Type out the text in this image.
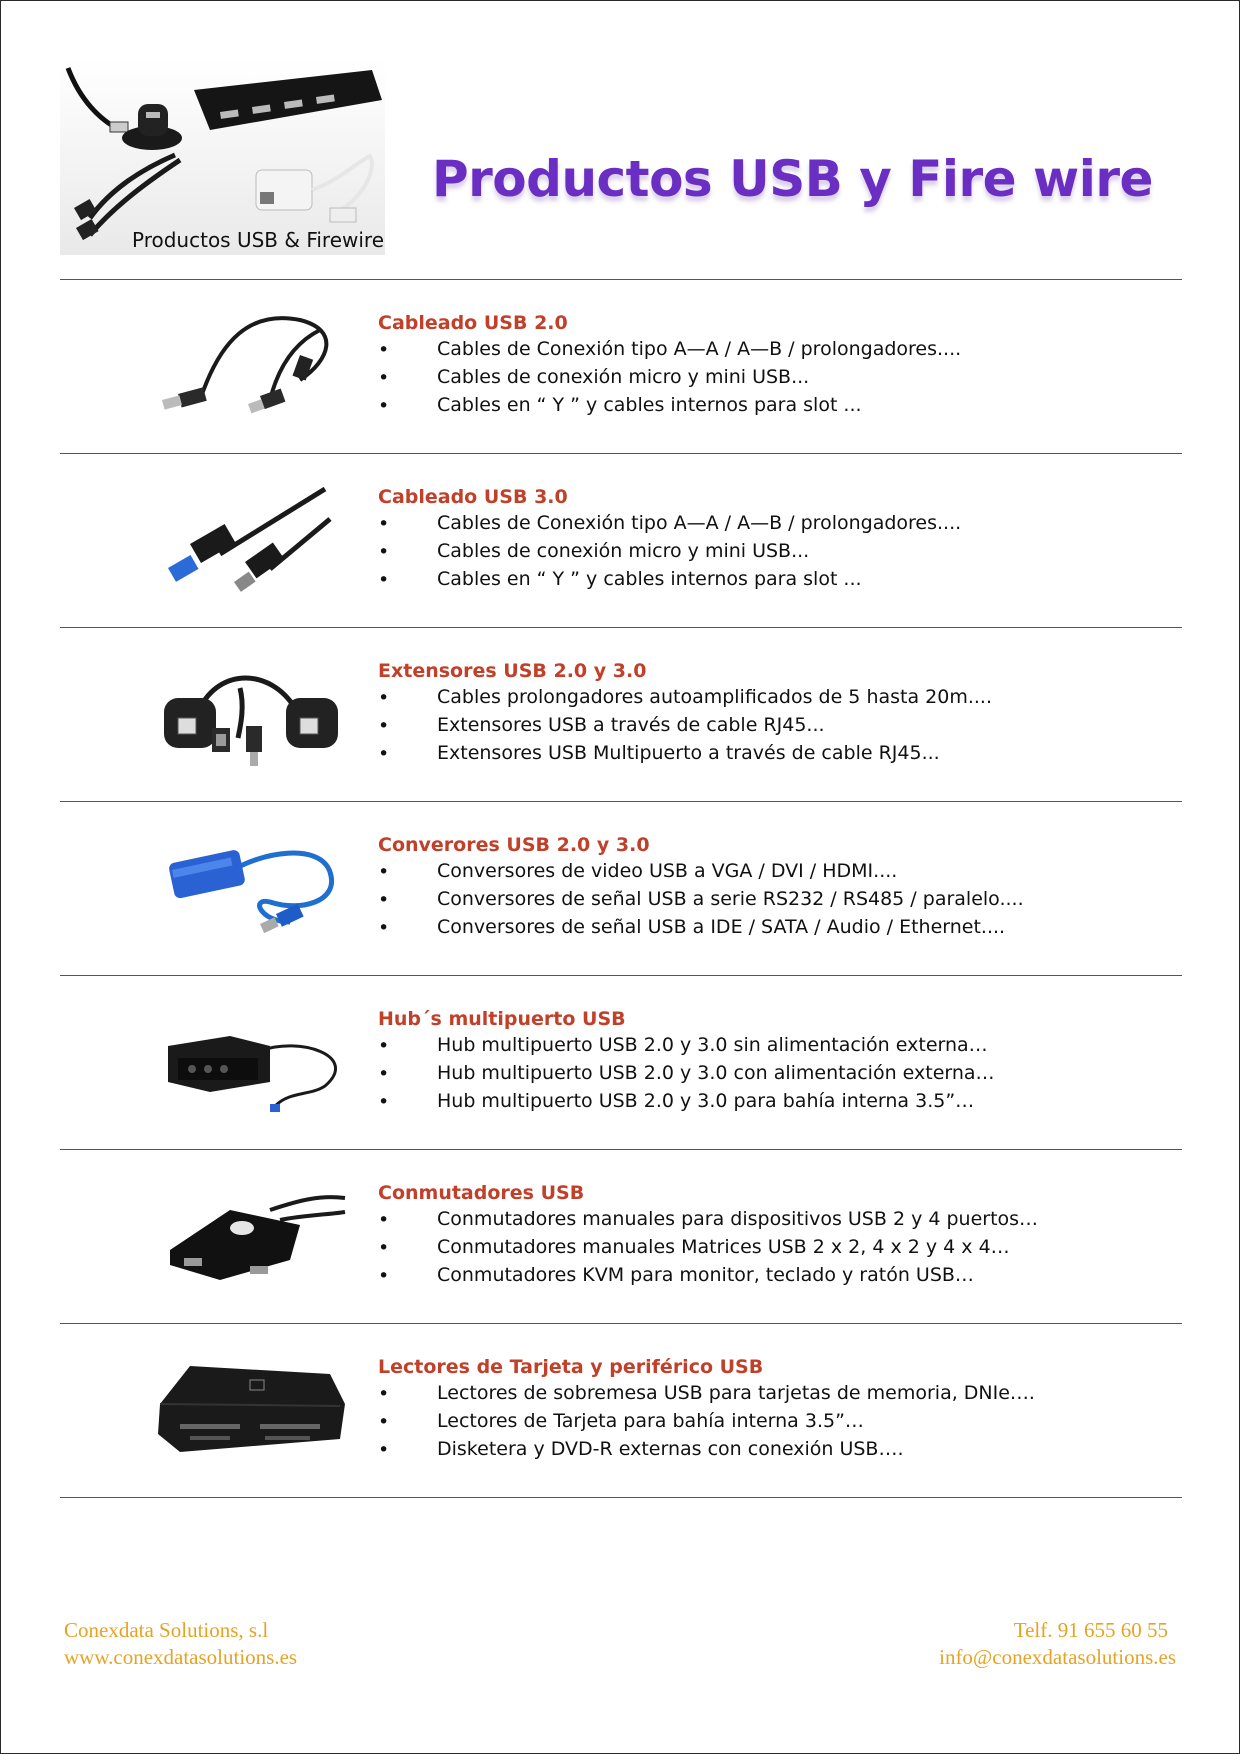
Productos USB & Firewire
Productos USB y Fire wire
Cableado USB 2.0
•	Cables de Conexión tipo A—A / A—B / prolongadores....
•	Cables de conexión micro y mini USB...
•	Cables en “ Y ” y cables internos para slot ...
Cableado USB 3.0
•	Cables de Conexión tipo A—A / A—B / prolongadores....
•	Cables de conexión micro y mini USB...
•	Cables en “ Y ” y cables internos para slot ...
Extensores USB 2.0 y 3.0
•	Cables prolongadores autoamplificados de 5 hasta 20m....
•	Extensores USB a través de cable RJ45...
•	Extensores USB Multipuerto a través de cable RJ45...
Converores USB 2.0 y 3.0
•	Conversores de video USB a VGA / DVI / HDMI....
•	Conversores de señal USB a serie RS232 / RS485 / paralelo....
•	Conversores de señal USB a IDE / SATA / Audio / Ethernet....
Hub´s multipuerto USB
•	Hub multipuerto USB 2.0 y 3.0 sin alimentación externa…
•	Hub multipuerto USB 2.0 y 3.0 con alimentación externa…
•	Hub multipuerto USB 2.0 y 3.0 para bahía interna 3.5”…
Conmutadores USB
•	Conmutadores manuales para dispositivos USB 2 y 4 puertos…
•	Conmutadores manuales Matrices USB 2 x 2, 4 x 2 y 4 x 4…
•	Conmutadores KVM para monitor, teclado y ratón USB…
Lectores de Tarjeta y periférico USB
•	Lectores de sobremesa USB para tarjetas de memoria, DNIe….
•	Lectores de Tarjeta para bahía interna 3.5”…
•	Disketera y DVD-R externas con conexión USB….
Conexdata Solutions, s.l
www.conexdatasolutions.es
Telf. 91 655 60 55
info@conexdatasolutions.es
